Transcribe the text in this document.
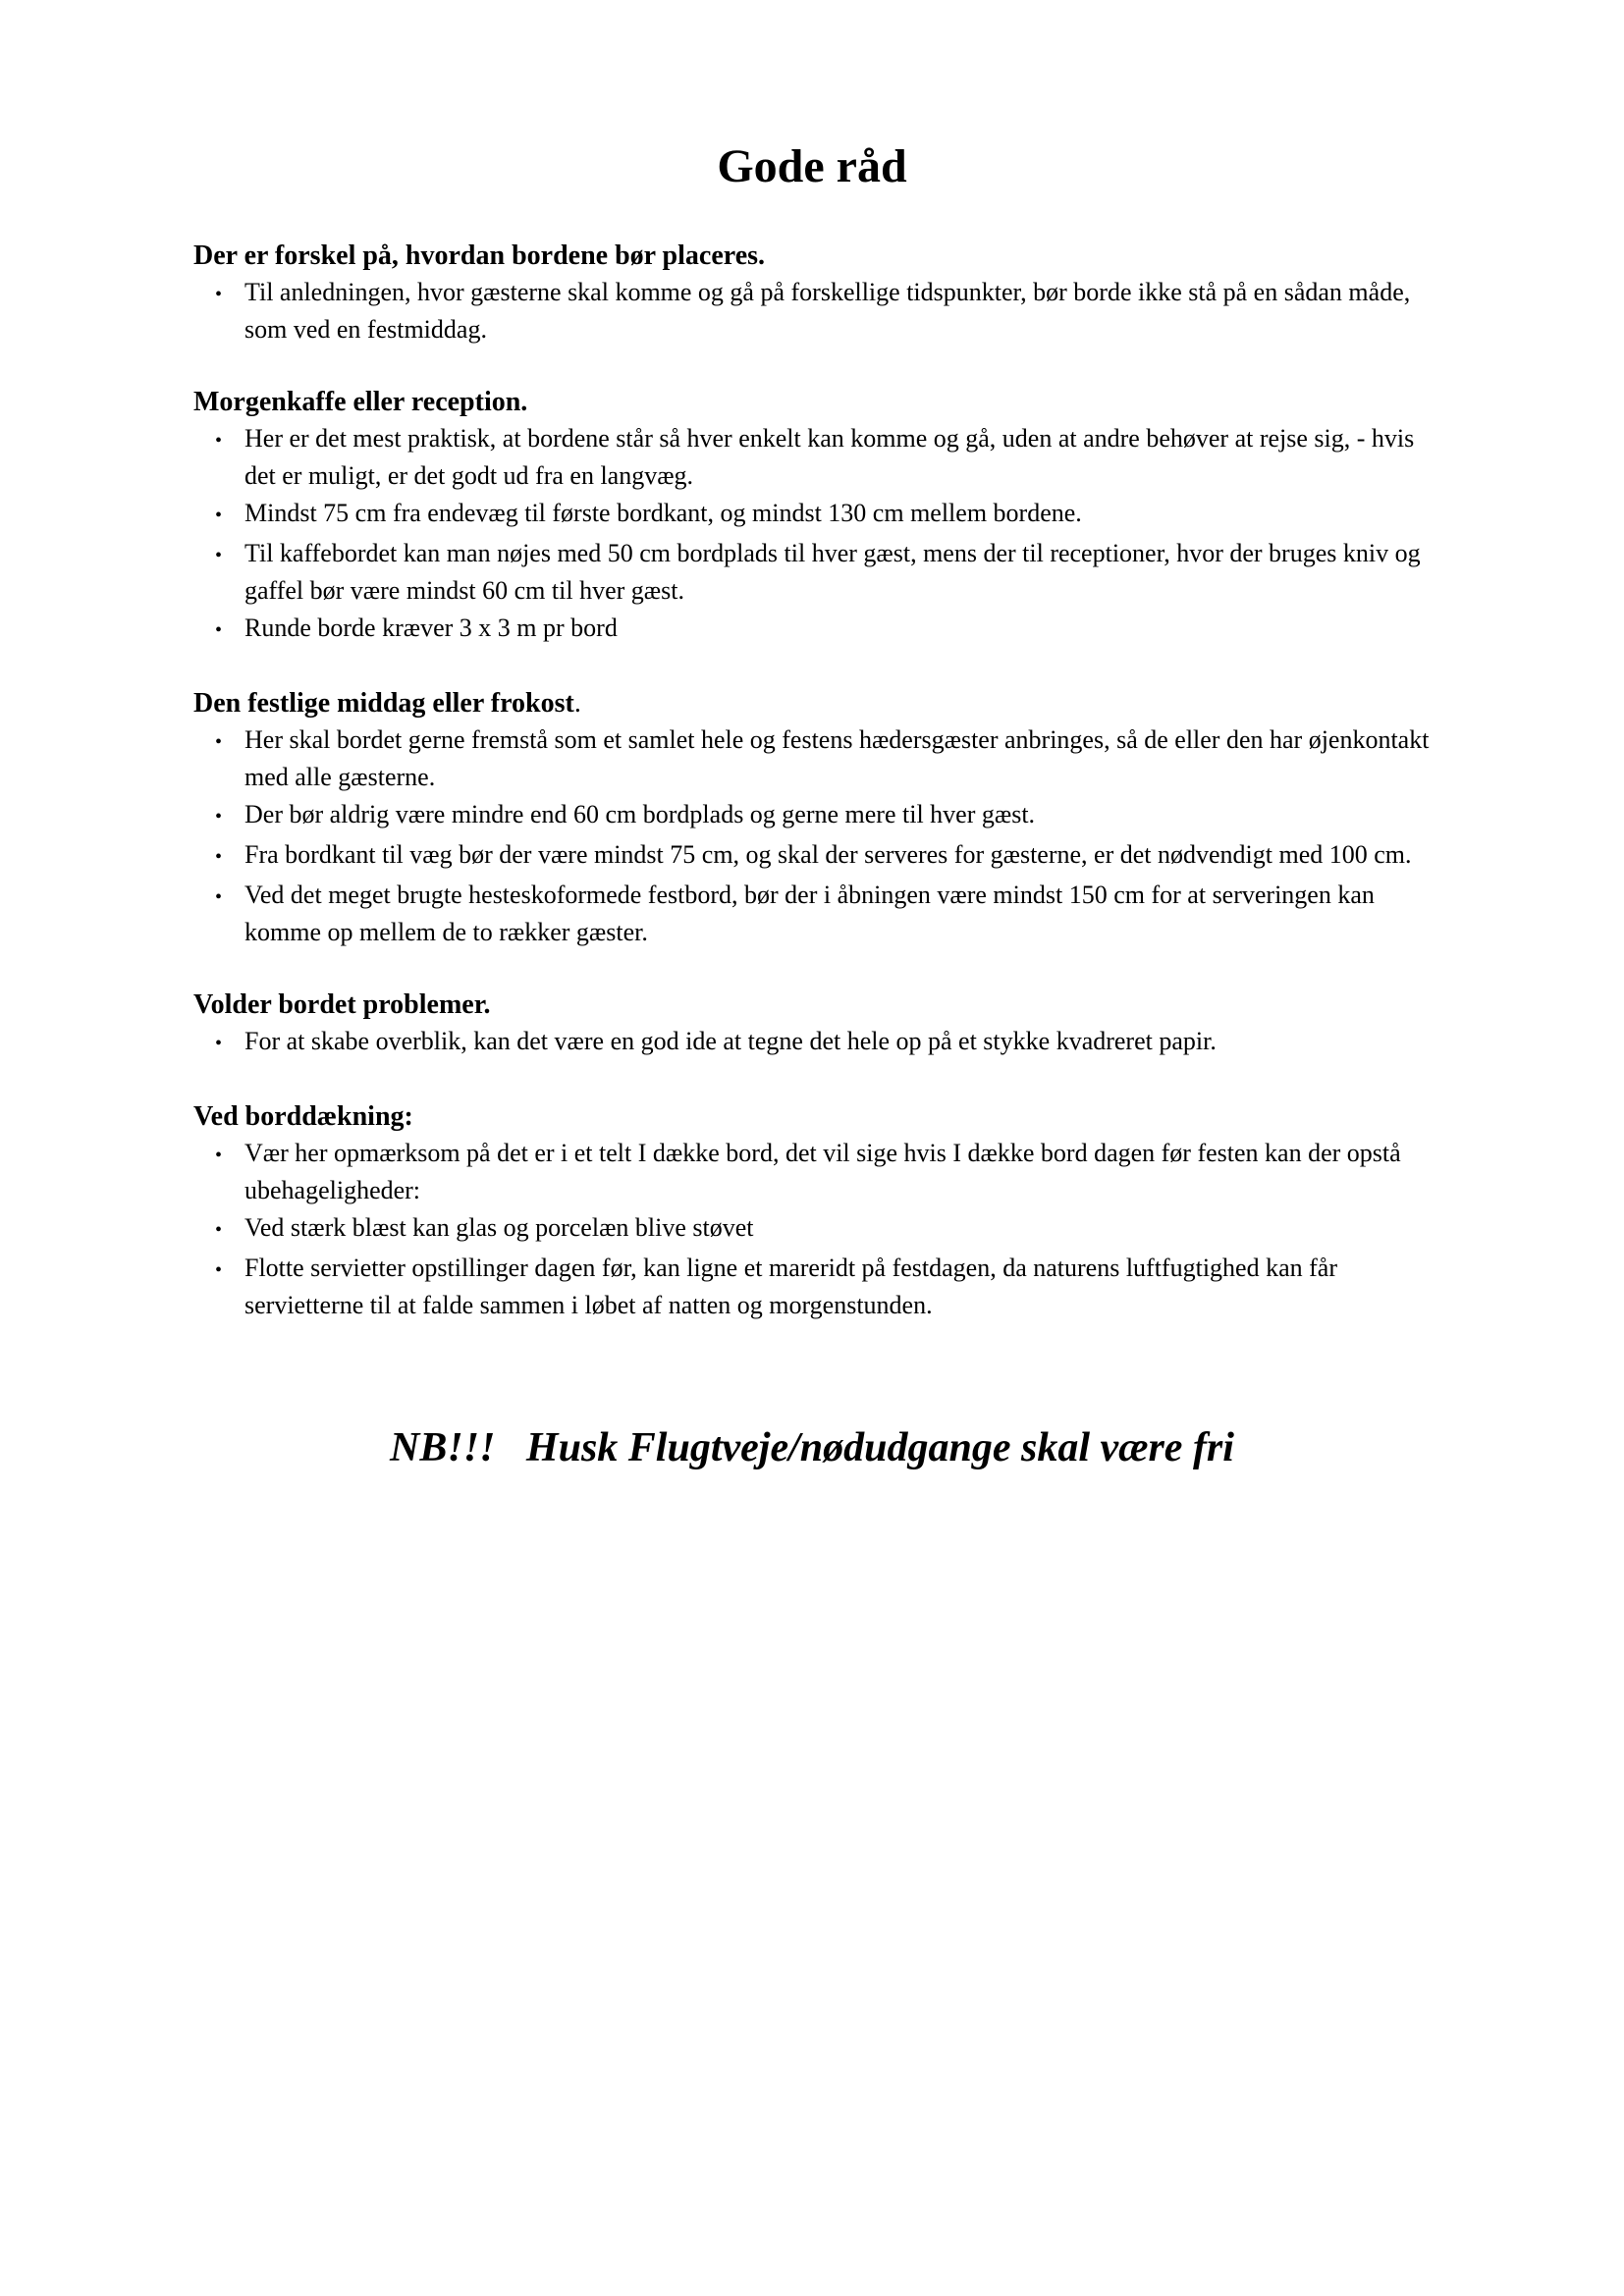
Gode råd
Der er forskel på, hvordan bordene bør placeres.
• Til anledningen, hvor gæsterne skal komme og gå på forskellige tidspunkter, bør borde ikke stå på en sådan måde, som ved en festmiddag.
Morgenkaffe eller reception.
• Her er det mest praktisk, at bordene står så hver enkelt kan komme og gå, uden at andre behøver at rejse sig, - hvis det er muligt, er det godt ud fra en langvæg.
• Mindst 75 cm fra endevæg til første bordkant, og mindst 130 cm mellem bordene.
• Til kaffebordet kan man nøjes med 50 cm bordplads til hver gæst, mens der til receptioner, hvor der bruges kniv og gaffel bør være mindst 60 cm til hver gæst.
• Runde borde kræver 3 x 3 m pr bord
Den festlige middag eller frokost.
• Her skal bordet gerne fremstå som et samlet hele og festens hædersgæster anbringes, så de eller den har øjenkontakt med alle gæsterne.
• Der bør aldrig være mindre end 60 cm bordplads og gerne mere til hver gæst.
• Fra bordkant til væg bør der være mindst 75 cm, og skal der serveres for gæsterne, er det nødvendigt med 100 cm.
• Ved det meget brugte hesteskoformede festbord, bør der i åbningen være mindst 150 cm for at serveringen kan komme op mellem de to rækker gæster.
Volder bordet problemer.
• For at skabe overblik, kan det være en god ide at tegne det hele op på et stykke kvadreret papir.
Ved borddækning:
• Vær her opmærksom på det er i et telt I dække bord, det vil sige hvis I dække bord dagen før festen kan der opstå ubehageligheder:
• Ved stærk blæst kan glas og porcelæn blive støvet
• Flotte servietter opstillinger dagen før, kan ligne et mareridt på festdagen, da naturens luftfugtighed kan får servietterne til at falde sammen i løbet af natten og morgenstunden.
NB!!!   Husk Flugtveje/nødudgange skal være fri
